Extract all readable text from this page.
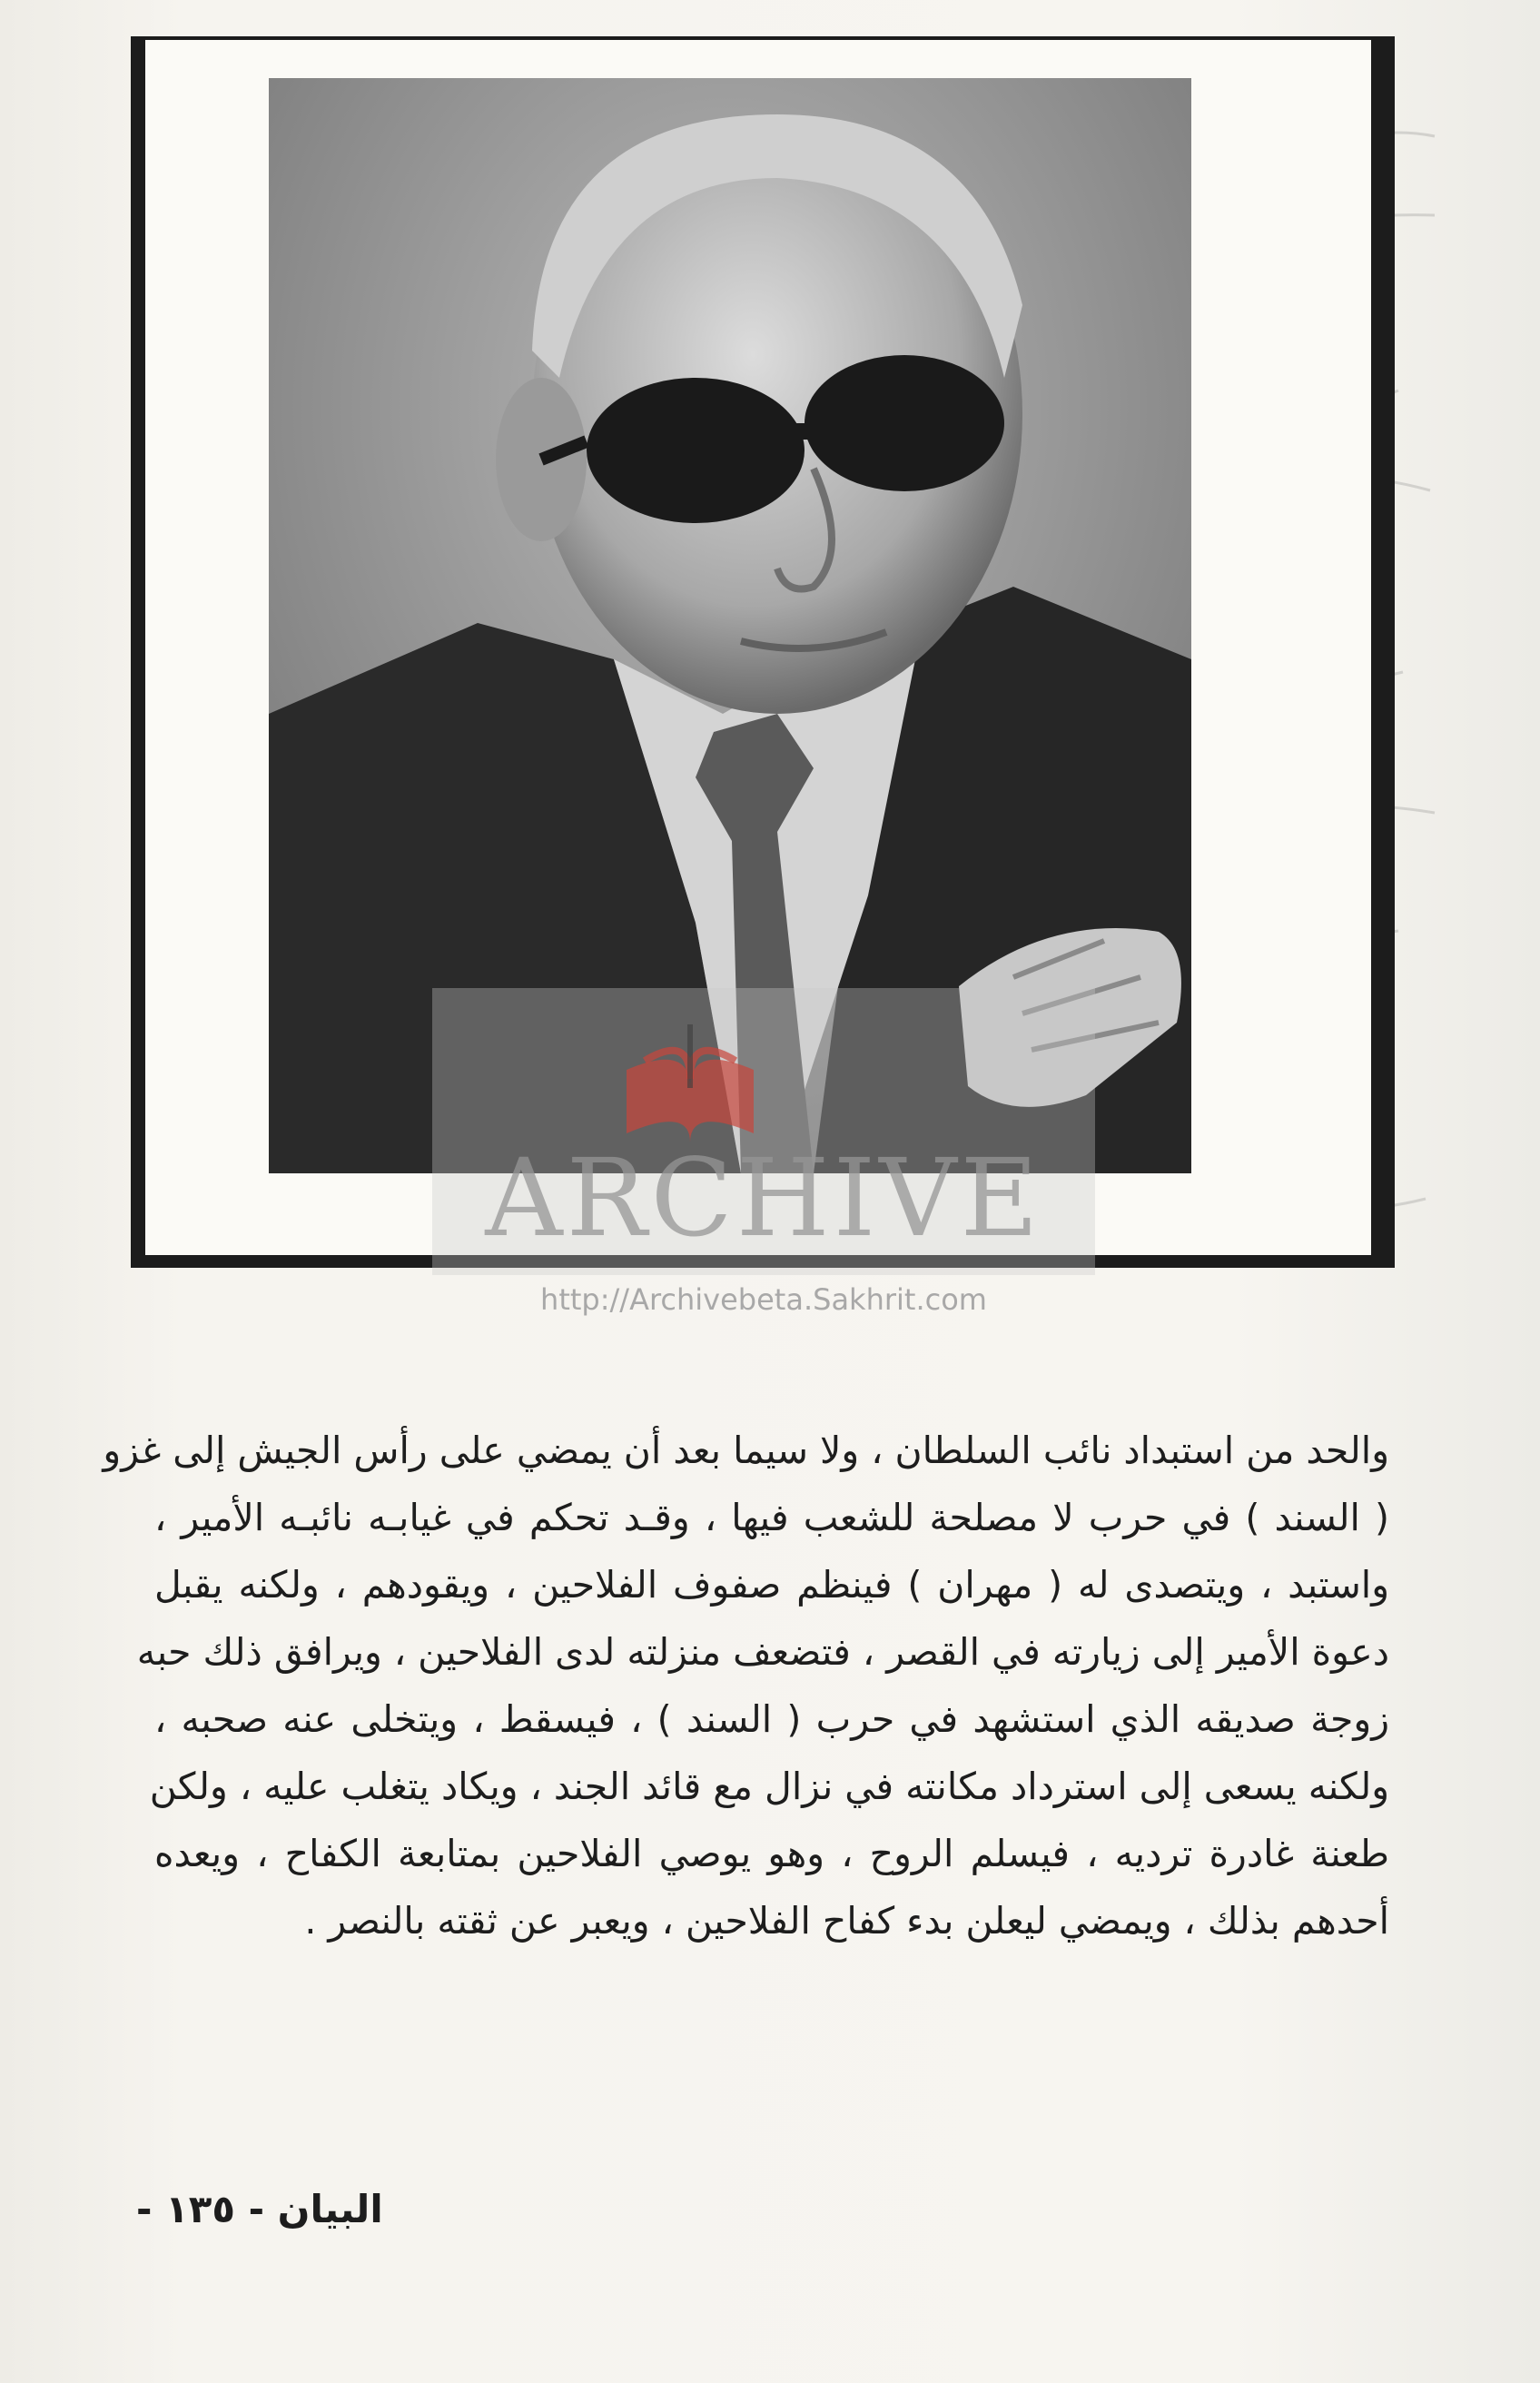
ARCHIVE
http://Archivebeta.Sakhrit.com
والحد من استبداد نائب السلطان ، ولا سيما بعد أن يمضي على رأس الجيش إلى غزو
( السند ) في حرب لا مصلحة للشعب فيها ، وقـد تحكم في غيابـه نائبـه الأمير ،
واستبد ، ويتصدى له ( مهران ) فينظم صفوف الفلاحين ، ويقودهم ، ولكنه يقبل
دعوة الأمير إلى زيارته في القصر ، فتضعف منزلته لدى الفلاحين ، ويرافق ذلك حبه
زوجة صديقه الذي استشهد في حرب ( السند ) ، فيسقط ، ويتخلى عنه صحبه ،
ولكنه يسعى إلى استرداد مكانته في نزال مع قائد الجند ، ويكاد يتغلب عليه ، ولكن
طعنة غادرة ترديه ، فيسلم الروح ، وهو يوصي الفلاحين بمتابعة الكفاح ، ويعده
أحدهم بذلك ، ويمضي ليعلن بدء كفاح الفلاحين ، ويعبر عن ثقته بالنصر .
البيان - ١٣٥ -
